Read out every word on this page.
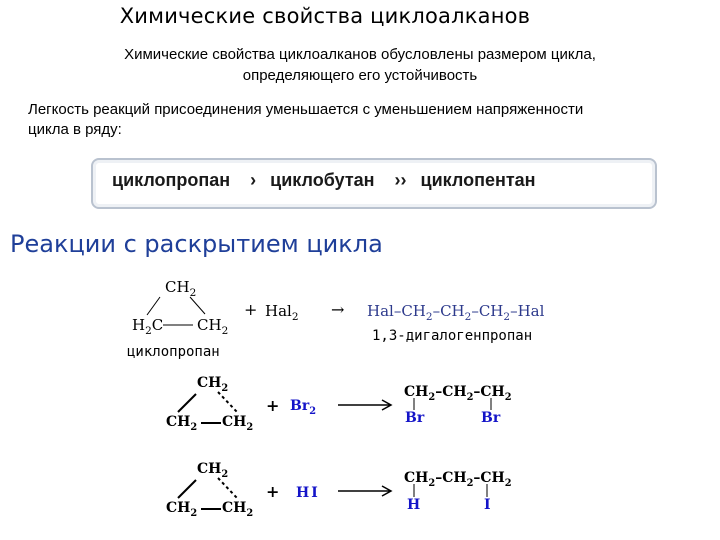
Химические свойства циклоалканов
Химические свойства циклоалканов обусловлены размером цикла,
определяющего его устойчивость
Легкость реакций присоединения уменьшается с уменьшением напряженности
цикла в ряду:
циклопропан › циклобутан ›› циклопентан
Реакции с раскрытием цикла
$CH_2$
$H_2C$ $CH_2$
циклопропан
+ Hal$_2$ → Hal–$CH_2-CH_2-CH_2$–Hal
1,3-дигалогенпропан
$CH_2$
$CH_2$ $CH_2$
+ $Br_2$
$CH_2-CH_2-CH_2$
Br	Br
$CH_2$
$CH_2$ $CH_2$
+ HI
$CH_2-CH_2-CH_2$
H	I
